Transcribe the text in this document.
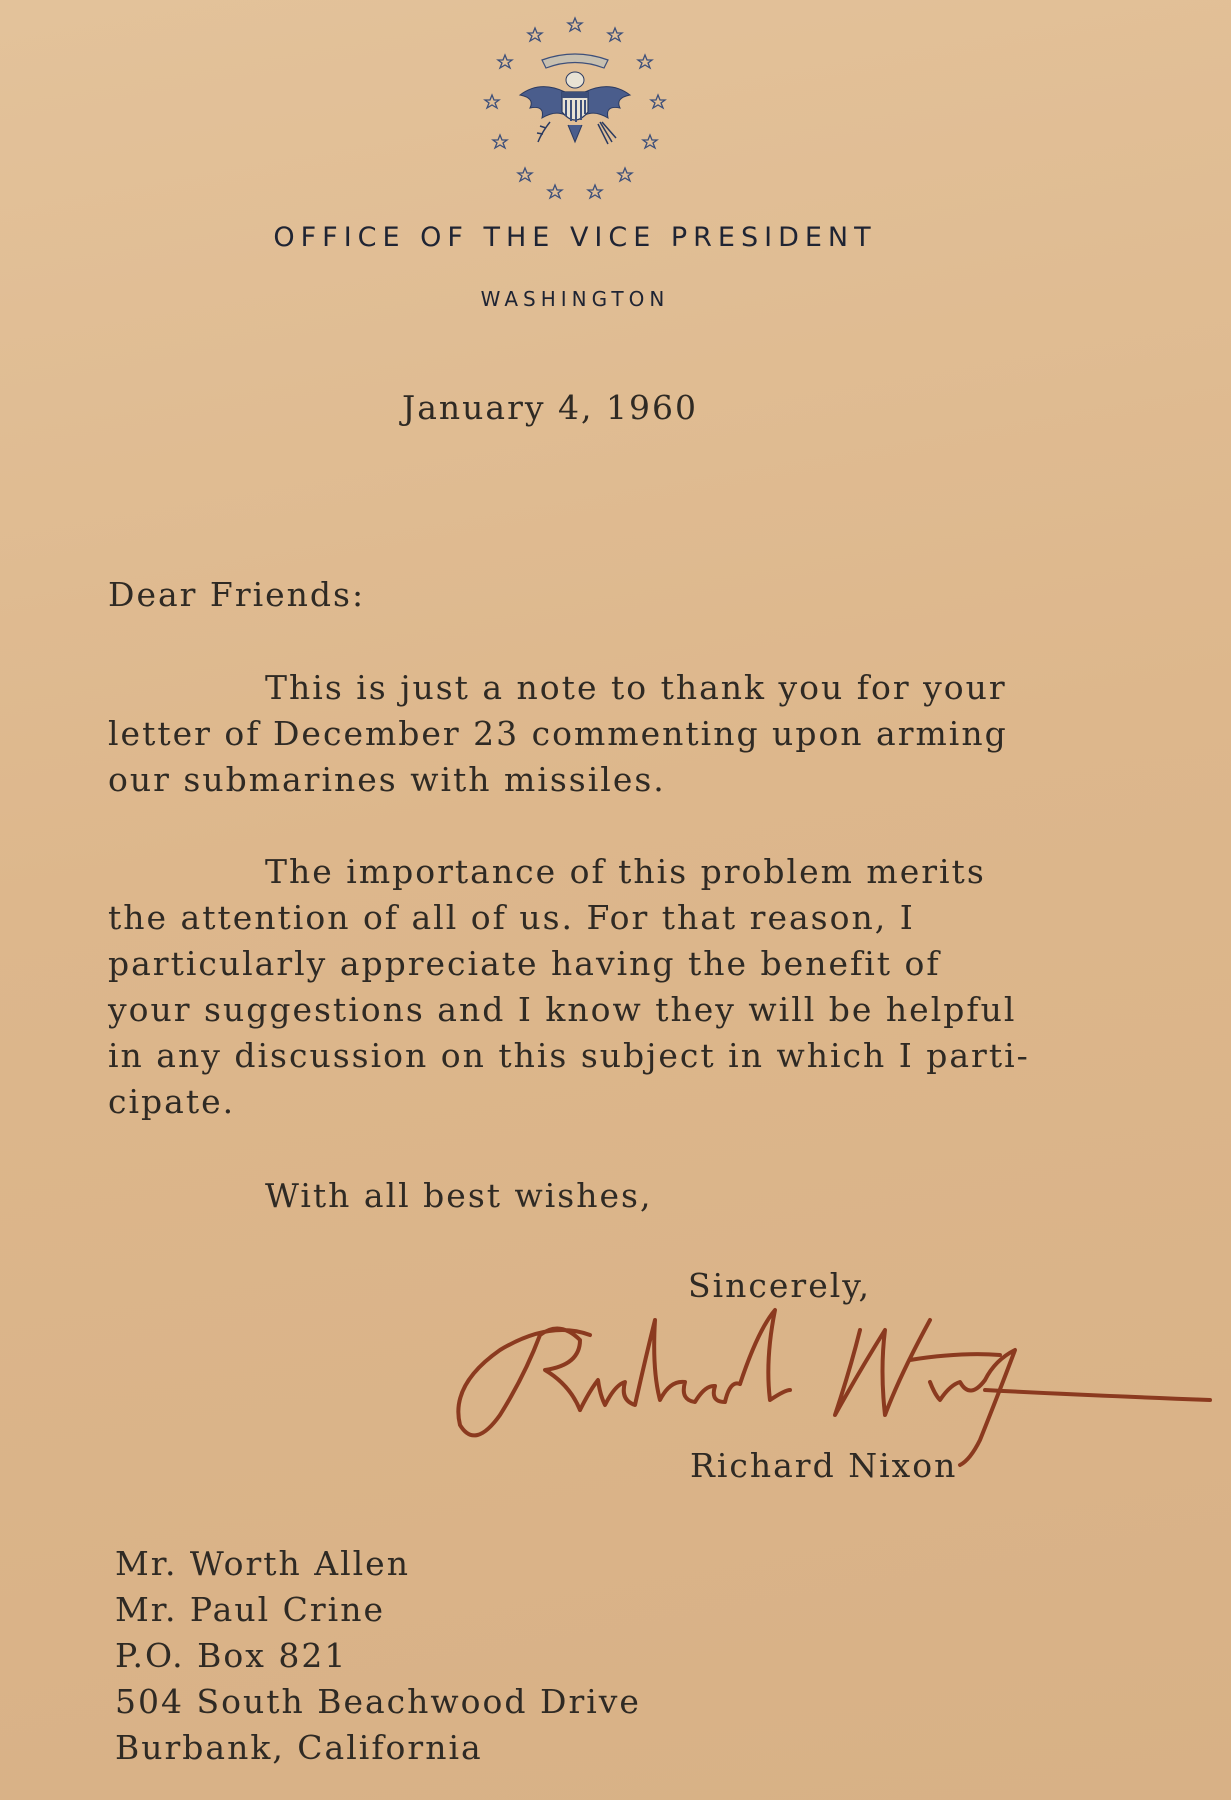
OFFICE OF THE VICE PRESIDENT
WASHINGTON
January 4, 1960
Dear Friends:
This is just a note to thank you for your
letter of December 23 commenting upon arming
our submarines with missiles.
The importance of this problem merits
the attention of all of us. For that reason, I
particularly appreciate having the benefit of
your suggestions and I know they will be helpful
in any discussion on this subject in which I parti-
cipate.
With all best wishes,
Sincerely,
Richard Nixon
Mr. Worth Allen
Mr. Paul Crine
P.O. Box 821
504 South Beachwood Drive
Burbank, California
